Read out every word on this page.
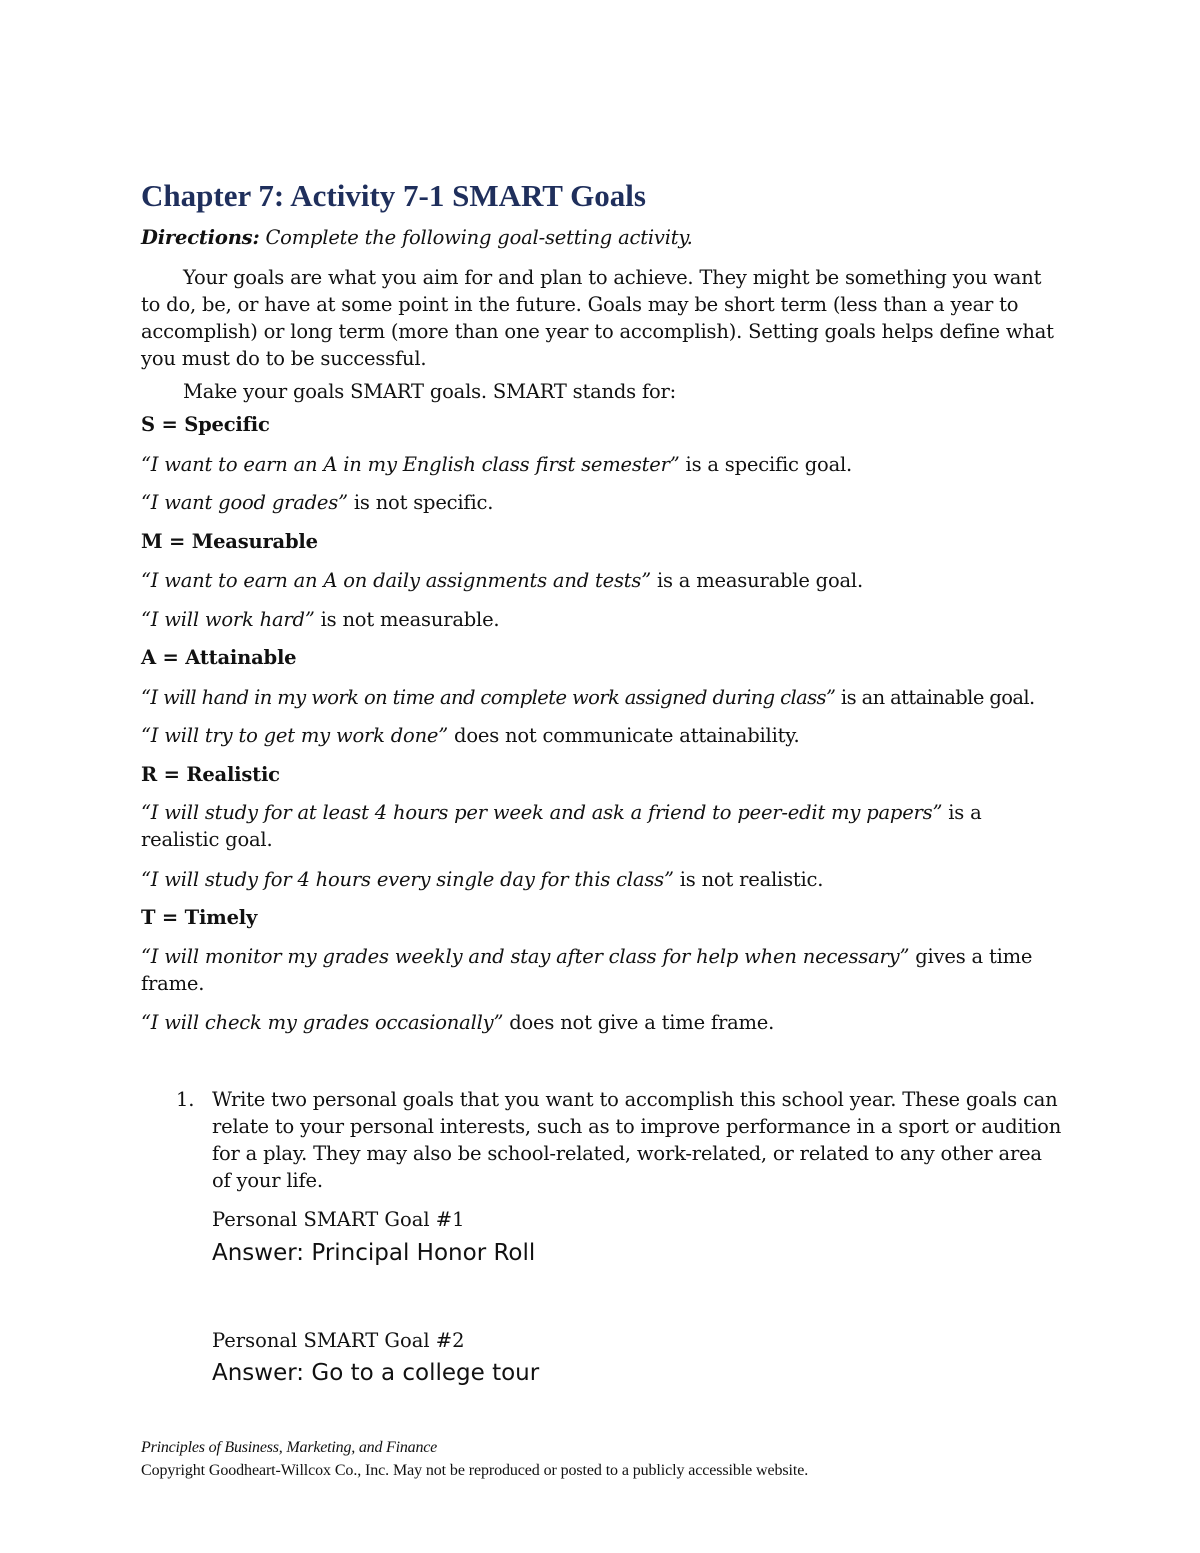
Chapter 7: Activity 7-1 SMART Goals
Directions: Complete the following goal-setting activity.
Your goals are what you aim for and plan to achieve. They might be something you want to do, be, or have at some point in the future. Goals may be short term (less than a year to accomplish) or long term (more than one year to accomplish). Setting goals helps define what you must do to be successful.
Make your goals SMART goals. SMART stands for:
S = Specific
“I want to earn an A in my English class first semester” is a specific goal.
“I want good grades” is not specific.
M = Measurable
“I want to earn an A on daily assignments and tests” is a measurable goal.
“I will work hard” is not measurable.
A = Attainable
“I will hand in my work on time and complete work assigned during class” is an attainable goal.
“I will try to get my work done” does not communicate attainability.
R = Realistic
“I will study for at least 4 hours per week and ask a friend to peer-edit my papers” is a realistic goal.
“I will study for 4 hours every single day for this class” is not realistic.
T = Timely
“I will monitor my grades weekly and stay after class for help when necessary” gives a time frame.
“I will check my grades occasionally” does not give a time frame.
1. Write two personal goals that you want to accomplish this school year. These goals can relate to your personal interests, such as to improve performance in a sport or audition for a play. They may also be school-related, work-related, or related to any other area of your life.
Personal SMART Goal #1
Answer: Principal Honor Roll
Personal SMART Goal #2
Answer: Go to a college tour
Principles of Business, Marketing, and Finance
Copyright Goodheart-Willcox Co., Inc. May not be reproduced or posted to a publicly accessible website.
